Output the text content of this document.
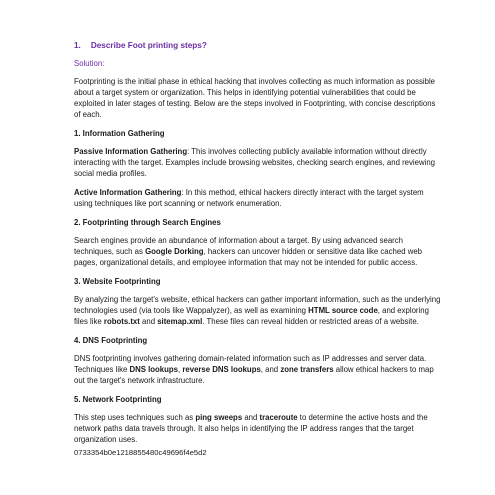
1. Describe Foot printing steps?
Solution:

Footprinting is the initial phase in ethical hacking that involves collecting as much information as possible about a target system or organization. This helps in identifying potential vulnerabilities that could be exploited in later stages of testing. Below are the steps involved in Footprinting, with concise descriptions of each.

1. Information Gathering

Passive Information Gathering: This involves collecting publicly available information without directly interacting with the target. Examples include browsing websites, checking search engines, and reviewing social media profiles.

Active Information Gathering: In this method, ethical hackers directly interact with the target system using techniques like port scanning or network enumeration.

2. Footprinting through Search Engines

Search engines provide an abundance of information about a target. By using advanced search techniques, such as Google Dorking, hackers can uncover hidden or sensitive data like cached web pages, organizational details, and employee information that may not be intended for public access.

3. Website Footprinting

By analyzing the target's website, ethical hackers can gather important information, such as the underlying technologies used (via tools like Wappalyzer), as well as examining HTML source code, and exploring files like robots.txt and sitemap.xml. These files can reveal hidden or restricted areas of a website.

4. DNS Footprinting

DNS footprinting involves gathering domain-related information such as IP addresses and server data. Techniques like DNS lookups, reverse DNS lookups, and zone transfers allow ethical hackers to map out the target's network infrastructure.

5. Network Footprinting

This step uses techniques such as ping sweeps and traceroute to determine the active hosts and the network paths data travels through. It also helps in identifying the IP address ranges that the target organization uses.

0733354b0e1218855480c49696f4e5d2
